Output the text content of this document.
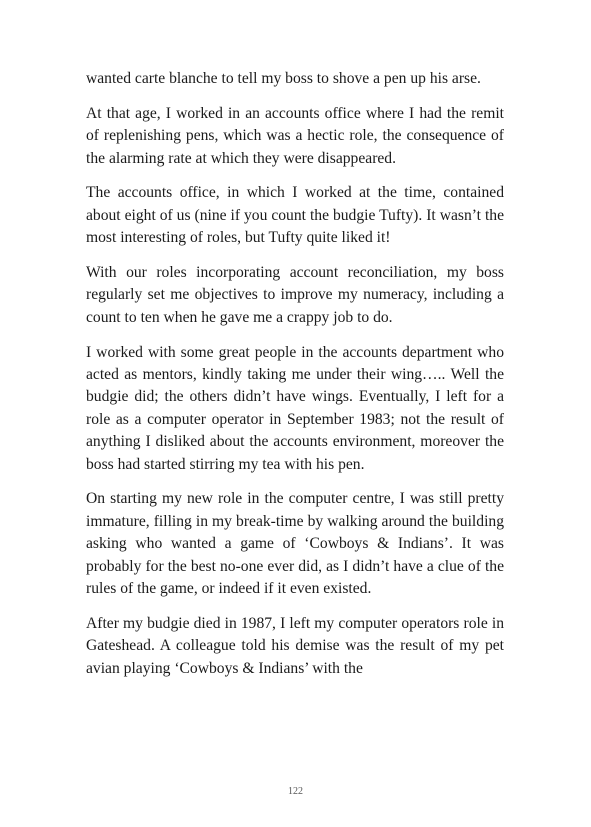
wanted carte blanche to tell my boss to shove a pen up his arse.

At that age, I worked in an accounts office where I had the remit of replenishing pens, which was a hectic role, the consequence of the alarming rate at which they were disappeared.

The accounts office, in which I worked at the time, contained about eight of us (nine if you count the budgie Tufty). It wasn’t the most interesting of roles, but Tufty quite liked it!

With our roles incorporating account reconciliation, my boss regularly set me objectives to improve my numeracy, including a count to ten when he gave me a crappy job to do.

I worked with some great people in the accounts department who acted as mentors, kindly taking me under their wing….. Well the budgie did; the others didn’t have wings. Eventually, I left for a role as a computer operator in September 1983; not the result of anything I disliked about the accounts environment, moreover the boss had started stirring my tea with his pen.

On starting my new role in the computer centre, I was still pretty immature, filling in my break-time by walking around the building asking who wanted a game of ‘Cowboys & Indians’. It was probably for the best no-one ever did, as I didn’t have a clue of the rules of the game, or indeed if it even existed.

After my budgie died in 1987, I left my computer operators role in Gateshead. A colleague told his demise was the result of my pet avian playing ‘Cowboys & Indians’ with the

122
